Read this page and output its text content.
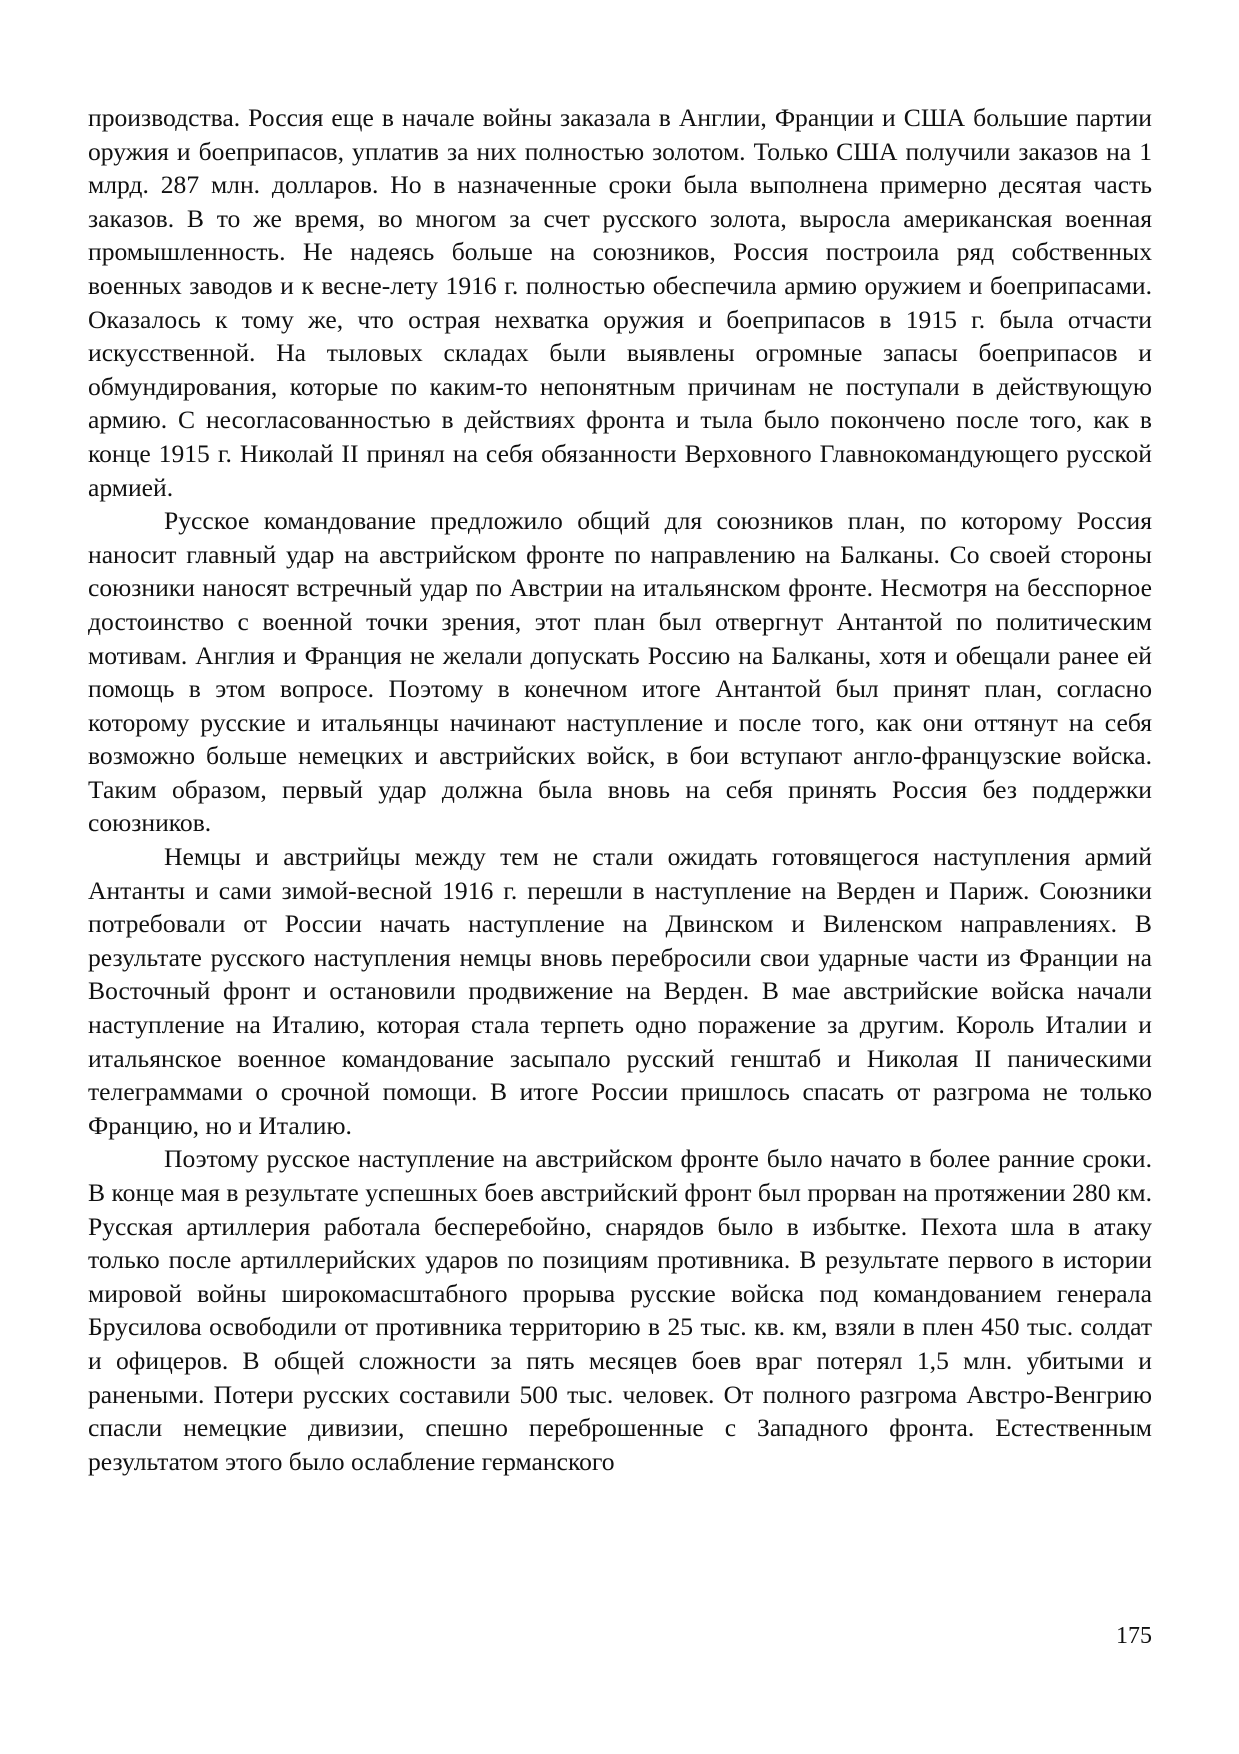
производства. Россия еще в начале войны заказала в Англии, Франции и США большие партии оружия и боеприпасов, уплатив за них полностью золотом. Только США получили заказов на 1 млрд. 287 млн. долларов. Но в назначенные сроки была выполнена примерно десятая часть заказов. В то же время, во многом за счет русского золота, выросла американская военная промышленность. Не надеясь больше на союзников, Россия построила ряд собственных военных заводов и к весне-лету 1916 г. полностью обеспечила армию оружием и боеприпасами. Оказалось к тому же, что острая нехватка оружия и боеприпасов в 1915 г. была отчасти искусственной. На тыловых складах были выявлены огромные запасы боеприпасов и обмундирования, которые по каким-то непонятным причинам не поступали в действующую армию. С несогласованностью в действиях фронта и тыла было покончено после того, как в конце 1915 г. Николай II принял на себя обязанности Верховного Главнокомандующего русской армией.

Русское командование предложило общий для союзников план, по которому Россия наносит главный удар на австрийском фронте по направлению на Балканы. Со своей стороны союзники наносят встречный удар по Австрии на итальянском фронте. Несмотря на бесспорное достоинство с военной точки зрения, этот план был отвергнут Антантой по политическим мотивам. Англия и Франция не желали допускать Россию на Балканы, хотя и обещали ранее ей помощь в этом вопросе. Поэтому в конечном итоге Антантой был принят план, согласно которому русские и итальянцы начинают наступление и после того, как они оттянут на себя возможно больше немецких и австрийских войск, в бои вступают англо-французские войска. Таким образом, первый удар должна была вновь на себя принять Россия без поддержки союзников.

Немцы и австрийцы между тем не стали ожидать готовящегося наступления армий Антанты и сами зимой-весной 1916 г. перешли в наступление на Верден и Париж. Союзники потребовали от России начать наступление на Двинском и Виленском направлениях. В результате русского наступления немцы вновь перебросили свои ударные части из Франции на Восточный фронт и остановили продвижение на Верден. В мае австрийские войска начали наступление на Италию, которая стала терпеть одно поражение за другим. Король Италии и итальянское военное командование засыпало русский генштаб и Николая II паническими телеграммами о срочной помощи. В итоге России пришлось спасать от разгрома не только Францию, но и Италию.

Поэтому русское наступление на австрийском фронте было начато в более ранние сроки. В конце мая в результате успешных боев австрийский фронт был прорван на протяжении 280 км. Русская артиллерия работала бесперебойно, снарядов было в избытке. Пехота шла в атаку только после артиллерийских ударов по позициям противника. В результате первого в истории мировой войны широкомасштабного прорыва русские войска под командованием генерала Брусилова освободили от противника территорию в 25 тыс. кв. км, взяли в плен 450 тыс. солдат и офицеров. В общей сложности за пять месяцев боев враг потерял 1,5 млн. убитыми и ранеными. Потери русских составили 500 тыс. человек. От полного разгрома Австро-Венгрию спасли немецкие дивизии, спешно переброшенные с Западного фронта. Естественным результатом этого было ослабление германского

175
